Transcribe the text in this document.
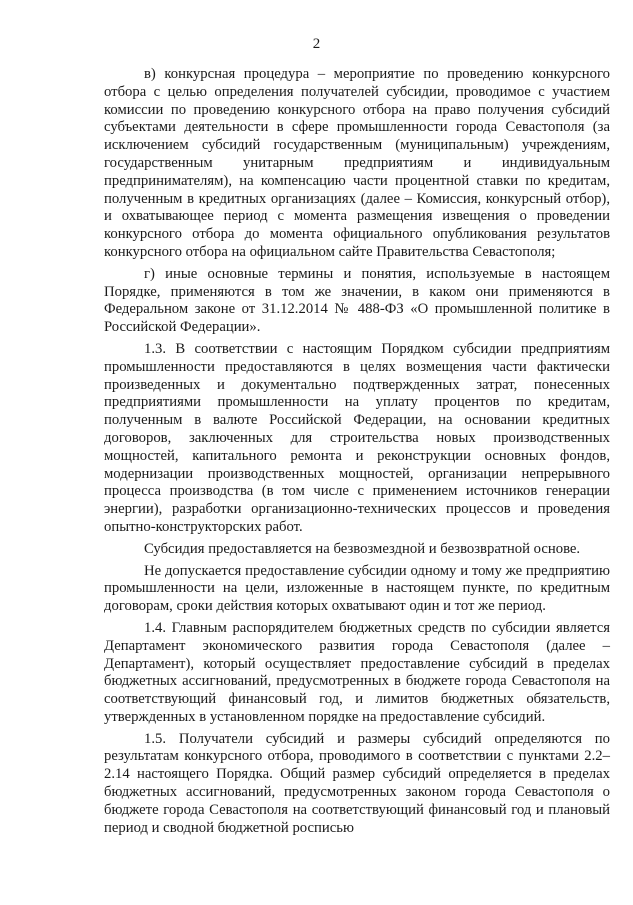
2

в) конкурсная процедура – мероприятие по проведению конкурсного отбора с целью определения получателей субсидии, проводимое с участием комиссии по проведению конкурсного отбора на право получения субсидий субъектами деятельности в сфере промышленности города Севастополя (за исключением субсидий государственным (муниципальным) учреждениям, государственным унитарным предприятиям и индивидуальным предпринимателям), на компенсацию части процентной ставки по кредитам, полученным в кредитных организациях (далее – Комиссия, конкурсный отбор), и охватывающее период с момента размещения извещения о проведении конкурсного отбора до момента официального опубликования результатов конкурсного отбора на официальном сайте Правительства Севастополя;

г) иные основные термины и понятия, используемые в настоящем Порядке, применяются в том же значении, в каком они применяются в Федеральном законе от 31.12.2014 № 488-ФЗ «О промышленной политике в Российской Федерации».

1.3. В соответствии с настоящим Порядком субсидии предприятиям промышленности предоставляются в целях возмещения части фактически произведенных и документально подтвержденных затрат, понесенных предприятиями промышленности на уплату процентов по кредитам, полученным в валюте Российской Федерации, на основании кредитных договоров, заключенных для строительства новых производственных мощностей, капитального ремонта и реконструкции основных фондов, модернизации производственных мощностей, организации непрерывного процесса производства (в том числе с применением источников генерации энергии), разработки организационно-технических процессов и проведения опытно-конструкторских работ.

Субсидия предоставляется на безвозмездной и безвозвратной основе.

Не допускается предоставление субсидии одному и тому же предприятию промышленности на цели, изложенные в настоящем пункте, по кредитным договорам, сроки действия которых охватывают один и тот же период.

1.4. Главным распорядителем бюджетных средств по субсидии является Департамент экономического развития города Севастополя (далее – Департамент), который осуществляет предоставление субсидий в пределах бюджетных ассигнований, предусмотренных в бюджете города Севастополя на соответствующий финансовый год, и лимитов бюджетных обязательств, утвержденных в установленном порядке на предоставление субсидий.

1.5. Получатели субсидий и размеры субсидий определяются по результатам конкурсного отбора, проводимого в соответствии с пунктами 2.2–2.14 настоящего Порядка. Общий размер субсидий определяется в пределах бюджетных ассигнований, предусмотренных законом города Севастополя о бюджете города Севастополя на соответствующий финансовый год и плановый период и сводной бюджетной росписью
